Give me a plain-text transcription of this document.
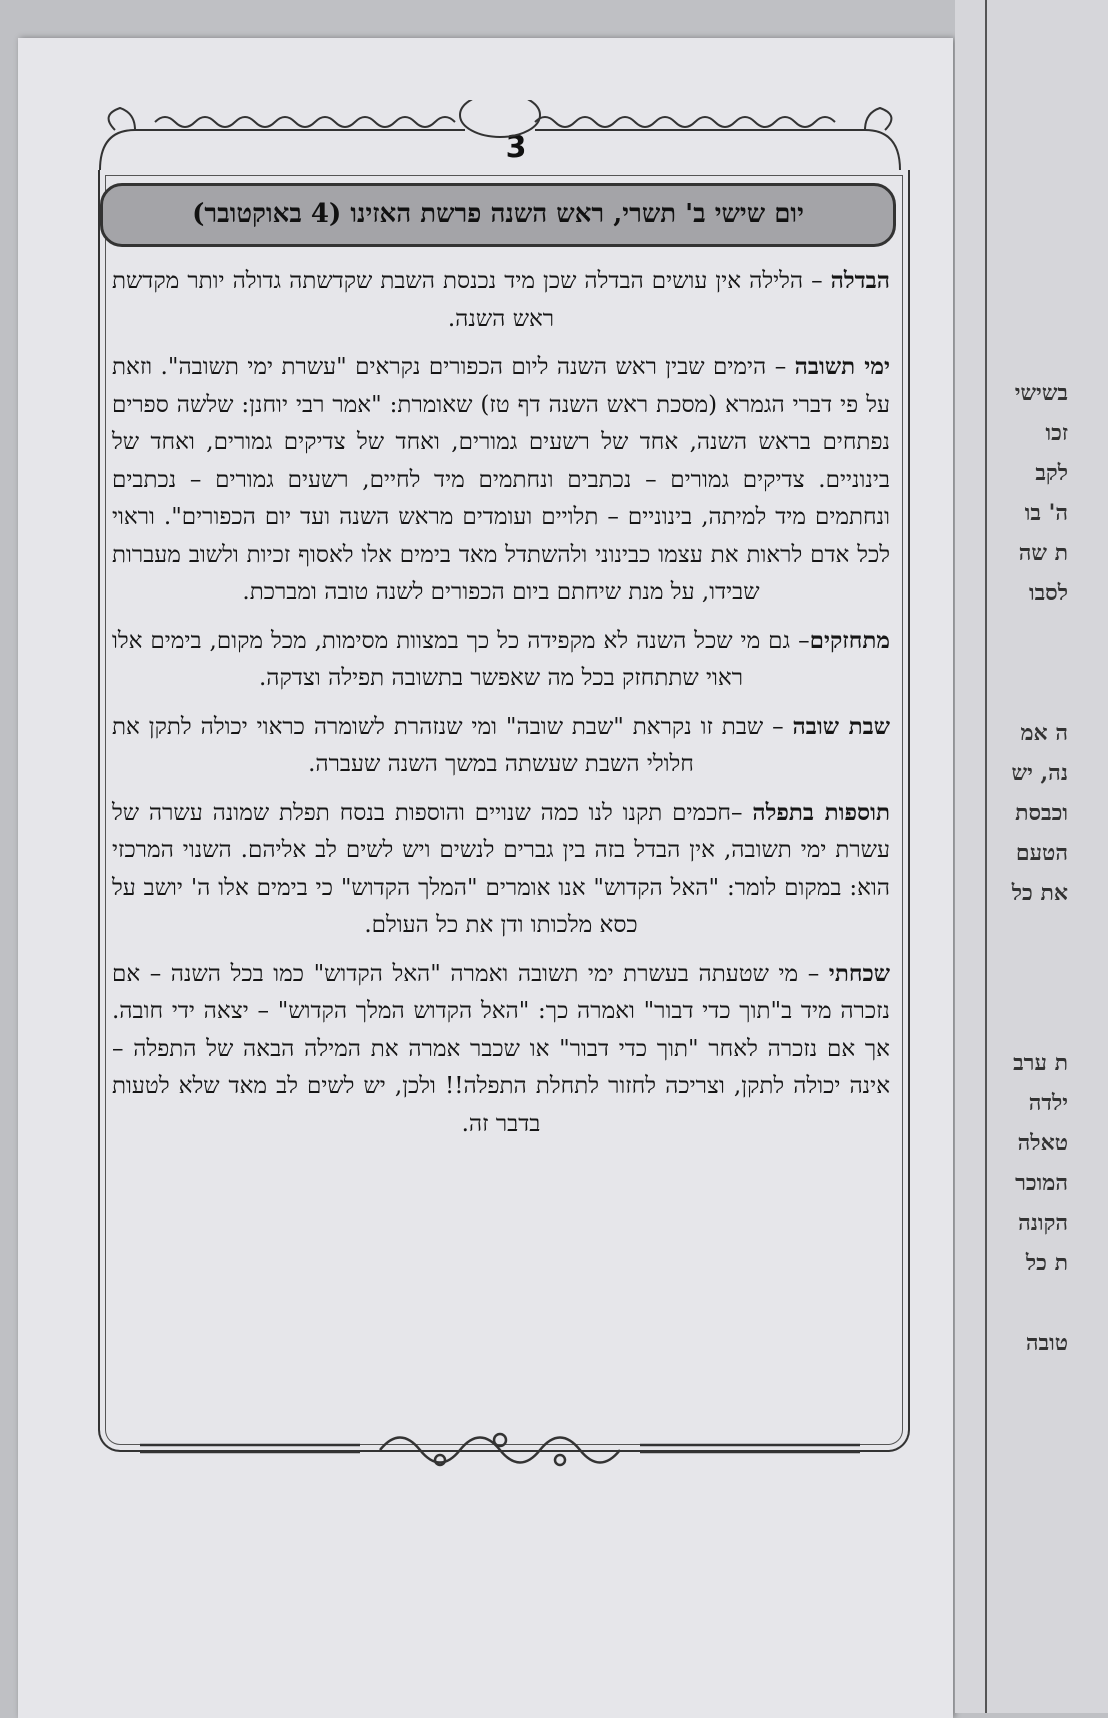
3
יום שישי ב' תשרי, ראש השנה פרשת האזינו (4 באוקטובר)

הבדלה – הלילה אין עושים הבדלה שכן מיד נכנסת השבת שקדשתה גדולה יותר מקדשת ראש השנה.

ימי תשובה – הימים שבין ראש השנה ליום הכפורים נקראים "עשרת ימי תשובה". וזאת על פי דברי הגמרא (מסכת ראש השנה דף טז) שאומרת: "אמר רבי יוחנן: שלשה ספרים נפתחים בראש השנה, אחד של רשעים גמורים, ואחד של צדיקים גמורים, ואחד של בינוניים. צדיקים גמורים – נכתבים ונחתמים מיד לחיים, רשעים גמורים – נכתבים ונחתמים מיד למיתה, בינוניים – תלויים ועומדים מראש השנה ועד יום הכפורים". וראוי לכל אדם לראות את עצמו כבינוני ולהשתדל מאד בימים אלו לאסוף זכיות ולשוב מעברות שבידו, על מנת שיחתם ביום הכפורים לשנה טובה ומברכת.

מתחזקים– גם מי שכל השנה לא מקפידה כל כך במצוות מסימות, מכל מקום, בימים אלו ראוי שתתחזק בכל מה שאפשר בתשובה תפילה וצדקה.

שבת שובה – שבת זו נקראת "שבת שובה" ומי שנזהרת לשומרה כראוי יכולה לתקן את חלולי השבת שעשתה במשך השנה שעברה.

תוספות בתפלה –חכמים תקנו לנו כמה שנויים והוספות בנסח תפלת שמונה עשרה של עשרת ימי תשובה, אין הבדל בזה בין גברים לנשים ויש לשים לב אליהם. השנוי המרכזי הוא: במקום לומר: "האל הקדוש" אנו אומרים "המלך הקדוש" כי בימים אלו ה' יושב על כסא מלכותו ודן את כל העולם.

שכחתי – מי שטעתה בעשרת ימי תשובה ואמרה "האל הקדוש" כמו בכל השנה – אם נזכרה מיד ב"תוך כדי דבור" ואמרה כך: "האל הקדוש המלך הקדוש" – יצאה ידי חובה. אך אם נזכרה לאחר "תוך כדי דבור" או שכבר אמרה את המילה הבאה של התפלה – אינה יכולה לתקן, וצריכה לחזור לתחלת התפלה!! ולכן, יש לשים לב מאד שלא לטעות בדבר זה.

בשישי
זכו
לקב
ה' בו
ת שה
לסבו
ה אמ
נה, יש
וכבסת
הטעם
את כל
ת ערב
ילדה
טאלה
המוכר
הקונה
ת כל
טובה
